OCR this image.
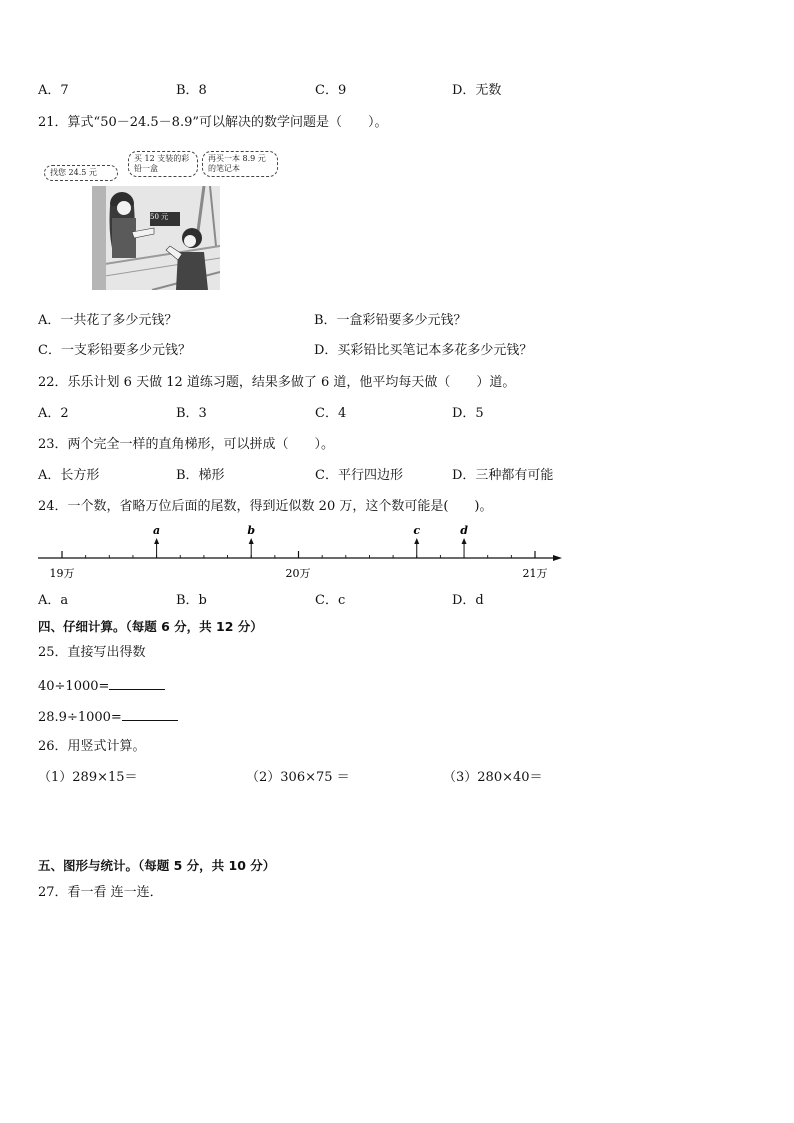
A．7	B．8	C．9	D．无数
21．算式“50－24.5－8.9”可以解决的数学问题是（　　）。
50 元
找您 24.5 元
买 12 支装的彩铅一盒
再买一本 8.9 元的笔记本
A．一共花了多少元钱？	B．一盒彩铅要多少元钱？
C．一支彩铅要多少元钱？	D．买彩铅比买笔记本多花多少元钱？
22．乐乐计划 6 天做 12 道练习题，结果多做了 6 道，他平均每天做（　　）道。
A．2	B．3	C．4	D．5
23．两个完全一样的直角梯形，可以拼成（　　）。
A．长方形	B．梯形	C．平行四边形	D．三种都有可能
24．一个数，省略万位后面的尾数，得到近似数 20 万，这个数可能是(　　)。
a	b	c	d
19万	20万	21万
A．a	B．b	C．c	D．d
四、仔细计算。（每题 6 分，共 12 分）
25．直接写出得数
40÷1000=
28.9÷1000=
26．用竖式计算。
（1）289×15＝	（2）306×75 ＝	（3）280×40＝
五、图形与统计。（每题 5 分，共 10 分）
27．看一看 连一连．
